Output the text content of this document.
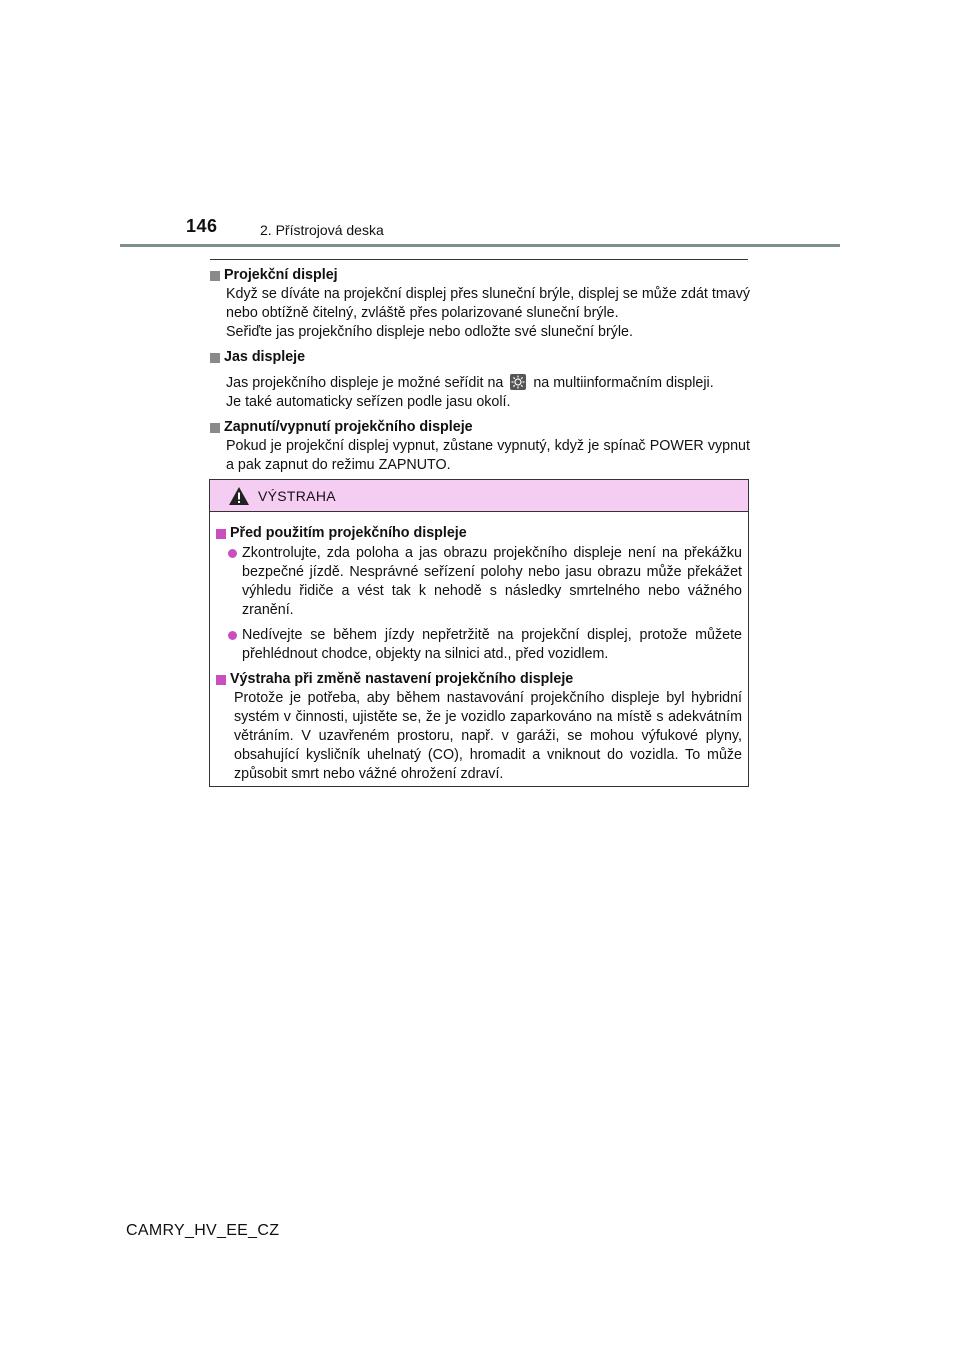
146	2. Přístrojová deska
Projekční displej

Když se díváte na projekční displej přes sluneční brýle, displej se může zdát tmavý nebo obtížně čitelný, zvláště přes polarizované sluneční brýle.

Seřiďte jas projekčního displeje nebo odložte své sluneční brýle.

Jas displeje

Jas projekčního displeje je možné seřídit na na multiinformačním displeji.

Je také automaticky seřízen podle jasu okolí.

Zapnutí/vypnutí projekčního displeje

Pokud je projekční displej vypnut, zůstane vypnutý, když je spínač POWER vypnut a pak zapnut do režimu ZAPNUTO.

VÝSTRAHA
Před použitím projekčního displeje
Zkontrolujte, zda poloha a jas obrazu projekčního displeje není na překážku bezpečné jízdě. Nesprávné seřízení polohy nebo jasu obrazu může překážet výhledu řidiče a vést tak k nehodě s následky smrtelného nebo vážného zranění.
Nedívejte se během jízdy nepřetržitě na projekční displej, protože můžete přehlédnout chodce, objekty na silnici atd., před vozidlem.
Výstraha při změně nastavení projekčního displeje
Protože je potřeba, aby během nastavování projekčního displeje byl hybridní systém v činnosti, ujistěte se, že je vozidlo zaparkováno na místě s adekvátním větráním. V uzavřeném prostoru, např. v garáži, se mohou výfukové plyny, obsahující kysličník uhelnatý (CO), hromadit a vniknout do vozidla. To může způsobit smrt nebo vážné ohrožení zdraví.
CAMRY_HV_EE_CZ
